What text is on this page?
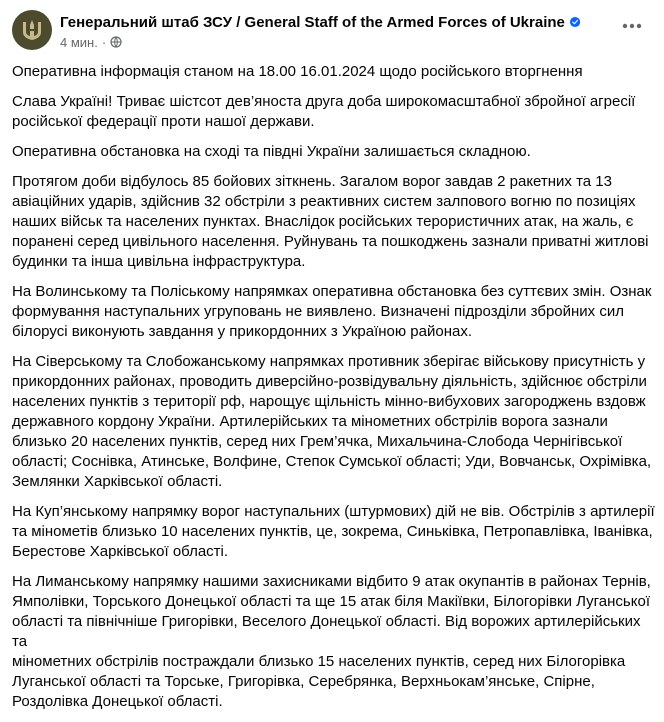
Генеральний штаб ЗСУ / General Staff of the Armed Forces of Ukraine
4 мин. ·

Оперативна інформація станом на 18.00 16.01.2024 щодо російського вторгнення

Слава Україні! Триває шістсот дев’яноста друга доба широкомасштабної збройної агресії
російської федерації проти нашої держави.

Оперативна обстановка на сході та півдні України залишається складною.

Протягом доби відбулось 85 бойових зіткнень. Загалом ворог завдав 2 ракетних та 13
авіаційних ударів, здійснив 32 обстріли з реактивних систем залпового вогню по позиціях
наших військ та населених пунктах. Внаслідок російських терористичних атак, на жаль, є
поранені серед цивільного населення. Руйнувань та пошкоджень зазнали приватні житлові
будинки та інша цивільна інфраструктура.

На Волинському та Поліському напрямках оперативна обстановка без суттєвих змін. Ознак
формування наступальних угруповань не виявлено. Визначені підрозділи збройних сил
білорусі виконують завдання у прикордонних з Україною районах.

На Сіверському та Слобожанському напрямках противник зберігає військову присутність у
прикордонних районах, проводить диверсійно-розвідувальну діяльність, здійснює обстріли
населених пунктів з території рф, нарощує щільність мінно-вибухових загороджень вздовж
державного кордону України. Артилерійських та мінометних обстрілів ворога зазнали
близько 20 населених пунктів, серед них Грем’ячка, Михальчина-Слобода Чернігівської
області; Соснівка, Атинське, Волфине, Степок Сумської області; Уди, Вовчанськ, Охрімівка,
Землянки Харківської області.

На Куп’янському напрямку ворог наступальних (штурмових) дій не вів. Обстрілів з артилерії
та мінометів близько 10 населених пунктів, це, зокрема, Синьківка, Петропавлівка, Іванівка,
Берестове Харківської області.

На Лиманському напрямку нашими захисниками відбито 9 атак окупантів в районах Тернів,
Ямполівки, Торського Донецької області та ще 15 атак біля Макіївки, Білогорівки Луганської
області та північніше Григорівки, Веселого Донецької області. Від ворожих артилерійських та
мінометних обстрілів постраждали близько 15 населених пунктів, серед них Білогорівка
Луганської області та Торське, Григорівка, Серебрянка, Верхньокам’янське, Спірне,
Роздолівка Донецької області.
